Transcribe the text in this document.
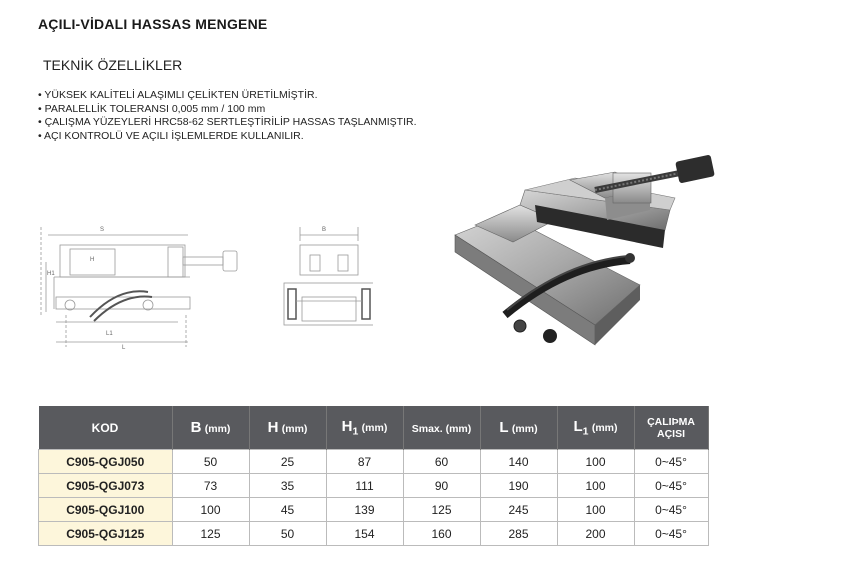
AÇILI-VİDALI HASSAS MENGENE
TEKNİK ÖZELLİKLER
• YÜKSEK KALİTELİ ALAŞIMLI ÇELİKTEN ÜRETİLMİŞTİR.
• PARALELLİK TOLERANSI 0,005 mm / 100 mm
• ÇALIŞMA YÜZEYLERİ HRC58-62 SERTLEŞTİRİLİP HASSAS TAŞLANMIŞTIR.
• AÇI KONTROLÜ VE AÇILI İŞLEMLERDE KULLANILIR.
S
H
H1
L1
L
B
KOD	B (mm)	H (mm)	$H_1$ (mm)	Smax. (mm)	L (mm)	$L_1$ (mm)	ÇALIÞMA
AÇISI

C905-QGJ050	50	25	87	60	140	100	0~45°
C905-QGJ073	73	35	111	90	190	100	0~45°
C905-QGJ100	100	45	139	125	245	100	0~45°
C905-QGJ125	125	50	154	160	285	200	0~45°
